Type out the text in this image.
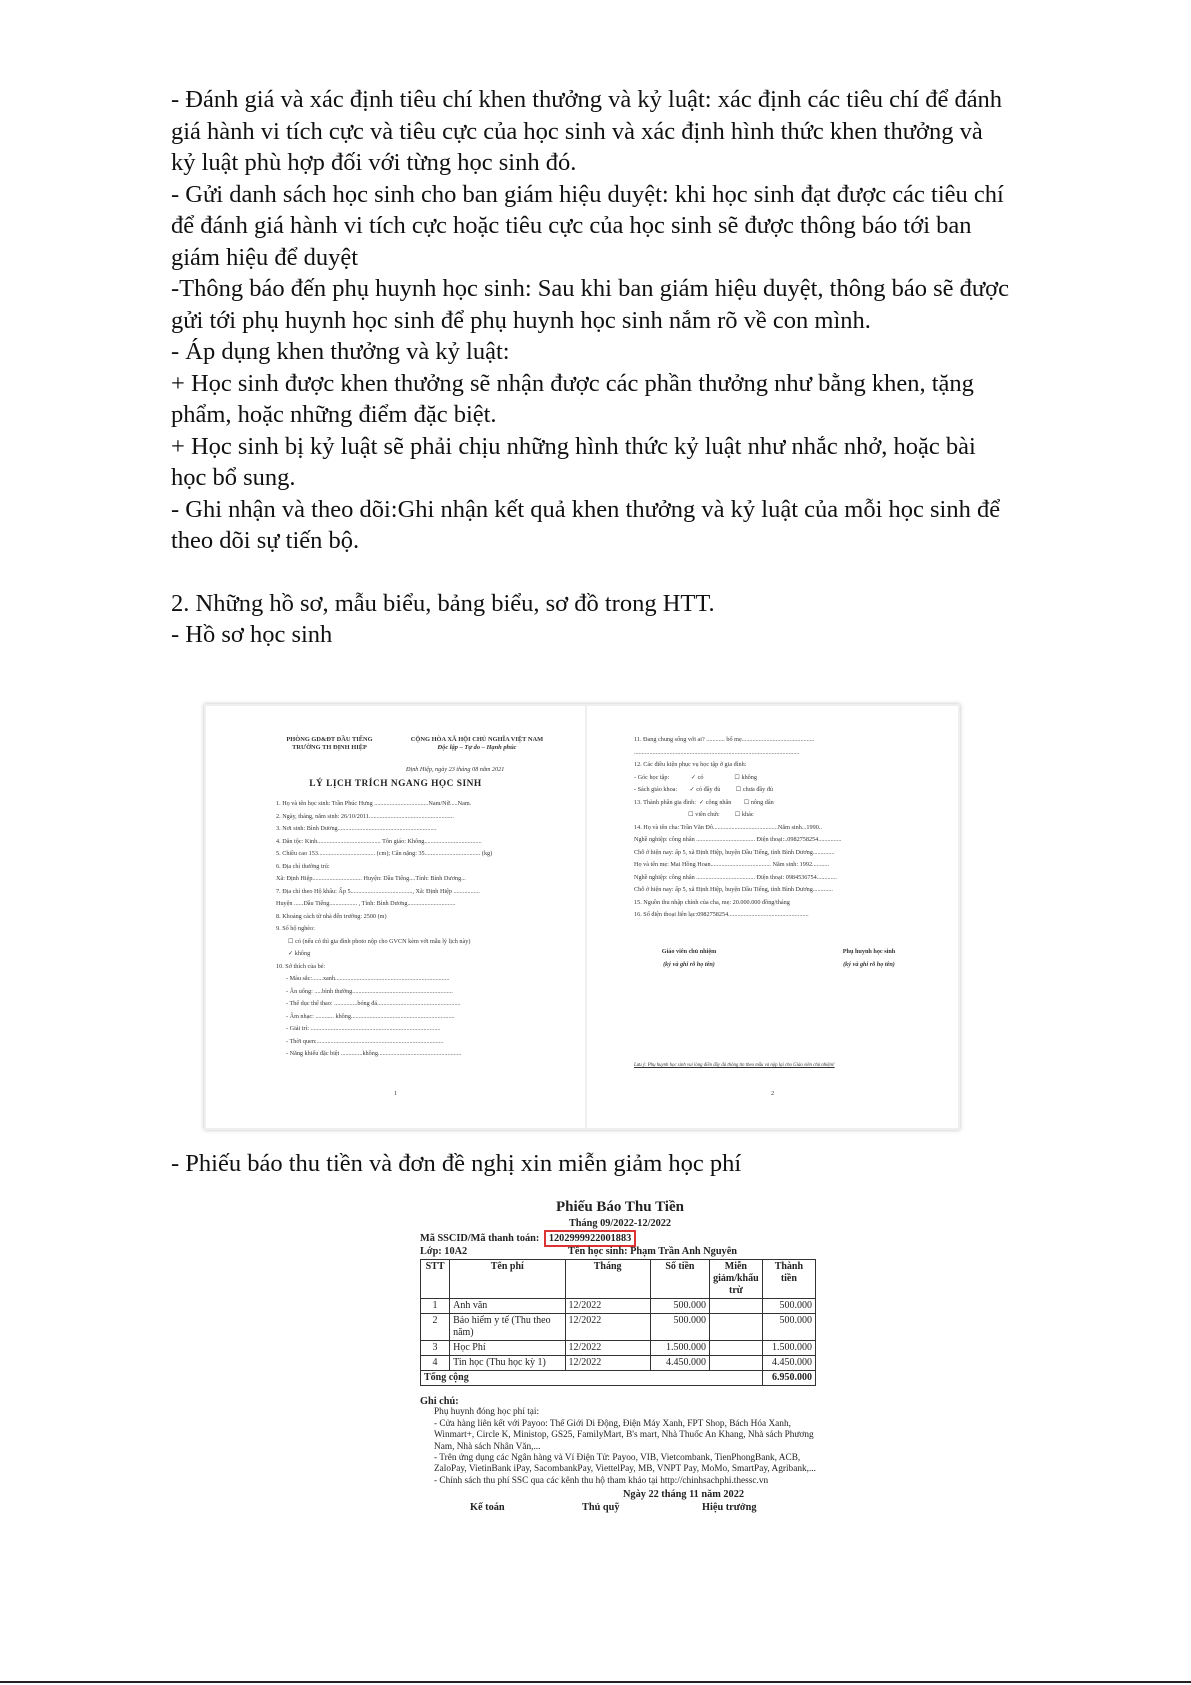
- Đánh giá và xác định tiêu chí khen thưởng và kỷ luật: xác định các tiêu chí để đánh giá hành vi tích cực và tiêu cực của học sinh và xác định hình thức khen thưởng và kỷ luật phù hợp đối với từng học sinh đó.

- Gửi danh sách học sinh cho ban giám hiệu duyệt: khi học sinh đạt được các tiêu chí để đánh giá hành vi tích cực hoặc tiêu cực của học sinh sẽ được thông báo tới ban giám hiệu để duyệt

-Thông báo đến phụ huynh học sinh: Sau khi ban giám hiệu duyệt, thông báo sẽ được gửi tới phụ huynh học sinh để phụ huynh học sinh nắm rõ về con mình.

- Áp dụng khen thưởng và kỷ luật:

+ Học sinh được khen thưởng sẽ nhận được các phần thưởng như bằng khen, tặng phẩm, hoặc những điểm đặc biệt.

+ Học sinh bị kỷ luật sẽ phải chịu những hình thức kỷ luật như nhắc nhở, hoặc bài học bổ sung.

- Ghi nhận và theo dõi:Ghi nhận kết quả khen thưởng và kỷ luật của mỗi học sinh để theo dõi sự tiến bộ.

2. Những hồ sơ, mẫu biểu, bảng biểu, sơ đồ trong HTT.

- Hồ sơ học sinh

PHÒNG GD&ĐT DẦU TIẾNG
TRƯỜNG TH ĐỊNH HIỆP
CỘNG HÒA XÃ HỘI CHỦ NGHĨA VIỆT NAM
Độc lập – Tự do – Hạnh phúc
Định Hiệp, ngày 23 tháng 08 năm 2021
LÝ LỊCH TRÍCH NGANG HỌC SINH
1. Họ và tên học sinh: Trần Phúc Hưng ...................................Nam/Nữ.....Nam.
2. Ngày, tháng, năm sinh: 26/10/2011.......................................................
3. Nơi sinh: Bình Dương................................................................
4. Dân tộc: Kinh......................................... Tôn giáo: Không.....................................
5. Chiều cao 153..................................... (cm); Cân nặng: 35.................................... (kg)
6. Địa chỉ thường trú:
Xã: Định Hiệp................................ Huyện: Dầu Tiếng....Tỉnh: Bình Dương...
7. Địa chỉ theo Hộ khẩu: Ấp 5........................................, Xã: Định Hiệp .................
Huyện ......Dầu Tiếng.................. , Tỉnh: Bình Dương...............................
8. Khoảng cách từ nhà đến trường: 2500 (m)
9. Sổ hộ nghèo:
☐ có (nếu có thì gia đình photo nộp cho GVCN kèm với mẫu lý lịch này)
✓ không
10. Sở thích của bé:
- Màu sắc:.......xanh..........................................................................
- Ăn uống: .....bình thường.................................................................
- Thể dục thể thao: ...............bóng đá......................................................
- Âm nhạc: ............ không...................................................................
- Giải trí: ....................................................................................
- Thời quen:..................................................................................
- Năng khiếu đặc biệt ..............không......................................................
1
11. Đang chung sống với ai? ............ bố mẹ...............................................
...........................................................................................................
12. Các điều kiện phục vụ học tập ở gia đình:
- Góc học tập:              ✓ có                    ☐ không
- Sách giáo khoa:        ✓ có đầy đủ          ☐ chưa đầy đủ
13. Thành phần gia đình:  ✓ công nhân        ☐ nông dân
☐ viên chức          ☐ khác
14. Họ và tên cha: Trần Văn Đô..........................................Năm sinh...1990..
Nghề nghiệp: công nhân ...................................... Điện thoại:..0982758254...............
Chỗ ở hiện nay: ấp 5, xã Định Hiệp, huyện Dầu Tiếng, tỉnh Bình Dương..............
Họ và tên mẹ: Mai Hồng Hoan....................................... Năm sinh: 1992...........
Nghề nghiệp: công nhân ...................................... Điện thoại: 0984536754.............
Chỗ ở hiện nay: ấp 5, xã Định Hiệp, huyện Dầu Tiếng, tỉnh Bình Dương.............
15. Nguồn thu nhập chính của cha, mẹ: 20.000.000 đồng/tháng
16. Số điện thoại liên lạc:0982758254....................................................
Giáo viên chủ nhiệm
(ký và ghi rõ họ tên)
Phụ huynh học sinh
(ký và ghi rõ họ tên)
Lưu ý: Phụ huynh học sinh vui lòng điền đầy đủ thông tin theo mẫu và nộp lại cho Giáo viên chủ nhiệm!
2

- Phiếu báo thu tiền và đơn đề nghị xin miễn giảm học phí

Phiếu Báo Thu Tiền
Tháng 09/2022-12/2022
Mã SSCID/Mã thanh toán: 1202999922001883
Lớp: 10A2	Tên học sinh: Phạm Trần Anh Nguyên
STT	Tên phí	Tháng	Số tiền	Miễn giảm/khấu trừ	Thành tiền
1	Anh văn	12/2022	500.000		500.000
2	Bảo hiểm y tế (Thu theo năm)	12/2022	500.000		500.000
3	Học Phí	12/2022	1.500.000		1.500.000
4	Tin học (Thu học kỳ 1)	12/2022	4.450.000		4.450.000
Tổng cộng					6.950.000
Ghi chú:
Phụ huynh đóng học phí tại:
- Cửa hàng liên kết với Payoo: Thế Giới Di Động, Điện Máy Xanh, FPT Shop, Bách Hóa Xanh, Winmart+, Circle K, Ministop, GS25, FamilyMart, B's mart, Nhà Thuốc An Khang, Nhà sách Phương Nam, Nhà sách Nhân Văn,...
- Trên ứng dụng các Ngân hàng và Ví Điện Tử: Payoo, VIB, Vietcombank, TienPhongBank, ACB, ZaloPay, VietinBank iPay, SacombankPay, ViettelPay, MB, VNPT Pay, MoMo, SmartPay, Agribank,...
- Chính sách thu phí SSC qua các kênh thu hộ tham khảo tại http://chinhsachphi.thessc.vn
Ngày 22 tháng 11 năm 2022
Kế toán	Thủ quỹ	Hiệu trưởng
